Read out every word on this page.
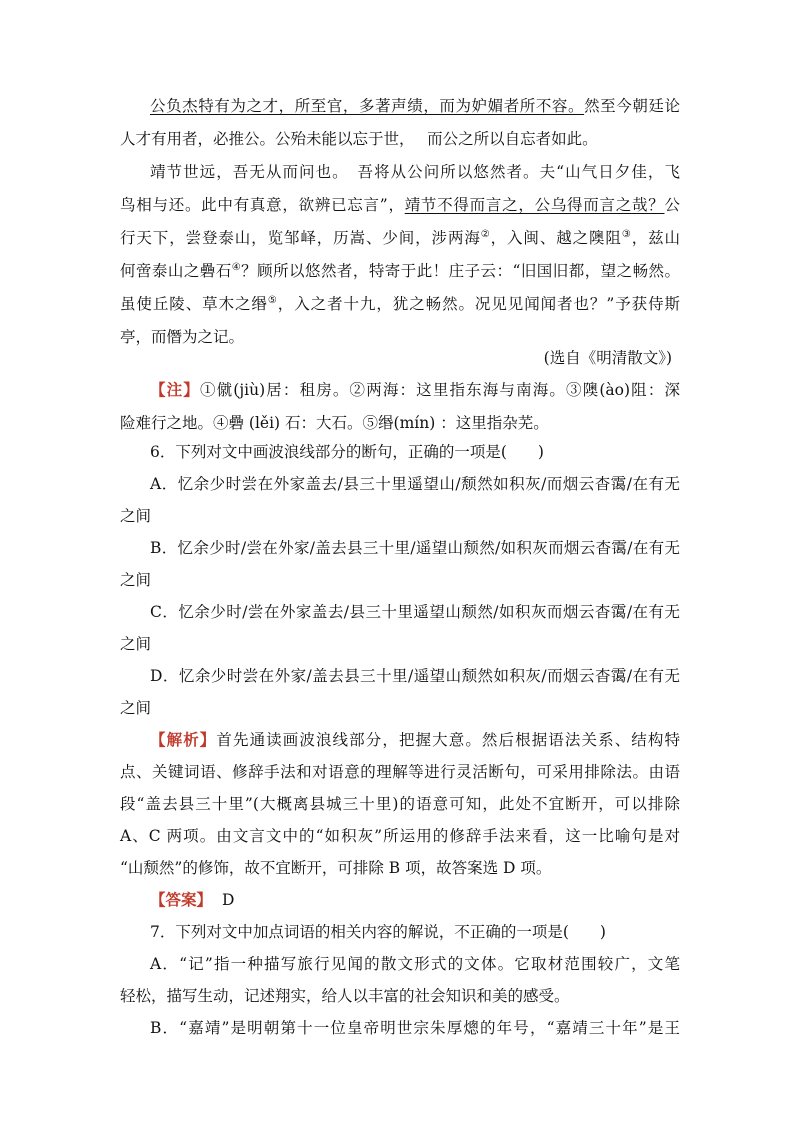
公负杰特有为之才，所至官，多著声绩，而为妒媚者所不容。然至今朝廷论
人才有用者，必推公。公殆未能以忘于世，　 而公之所以自忘者如此。
靖节世远，吾无从而问也。　吾将从公问所以悠然者。夫“山气日夕佳，飞
鸟相与还。此中有真意，欲辨已忘言”，靖节不得而言之，公乌得而言之哉？公
行天下，尝登泰山，览邹峄，历嵩、少间，涉两海②，入闽、越之隩阻③，兹山
何啻泰山之礨石④？顾所以悠然者，特寄于此！庄子云：“旧国旧都，望之畅然。
虽使丘陵、草木之缗⑤，入之者十九，犹之畅然。况见见闻闻者也？”予获侍斯
亭，而僭为之记。
(选自《明清散文》)
【注】①僦(jiù)居：租房。②两海：这里指东海与南海。③隩(ào)阻：深
险难行之地。④礨 (lěi) 石：大石。⑤缗(mín) ：这里指杂芜。
6．下列对文中画波浪线部分的断句，正确的一项是(　　)
A．忆余少时尝在外家盖去/县三十里遥望山/颓然如积灰/而烟云杳霭/在有无
之间
B．忆余少时/尝在外家/盖去县三十里/遥望山颓然/如积灰而烟云杳霭/在有无
之间
C．忆余少时/尝在外家盖去/县三十里遥望山颓然/如积灰而烟云杳霭/在有无
之间
D．忆余少时尝在外家/盖去县三十里/遥望山颓然如积灰/而烟云杳霭/在有无
之间
【解析】首先通读画波浪线部分，把握大意。然后根据语法关系、结构特
点、关键词语、修辞手法和对语意的理解等进行灵活断句，可采用排除法。由语
段“盖去县三十里”(大概离县城三十里)的语意可知，此处不宜断开，可以排除
A、C 两项。由文言文中的“如积灰”所运用的修辞手法来看，这一比喻句是对
“山颓然”的修饰，故不宜断开，可排除 B 项，故答案选 D 项。
【答案】 D
7．下列对文中加点词语的相关内容的解说，不正确的一项是(　　)
A．“记”指一种描写旅行见闻的散文形式的文体。它取材范围较广，文笔
轻松，描写生动，记述翔实，给人以丰富的社会知识和美的感受。
B．“嘉靖”是明朝第十一位皇帝明世宗朱厚熜的年号，“嘉靖三十年”是王
